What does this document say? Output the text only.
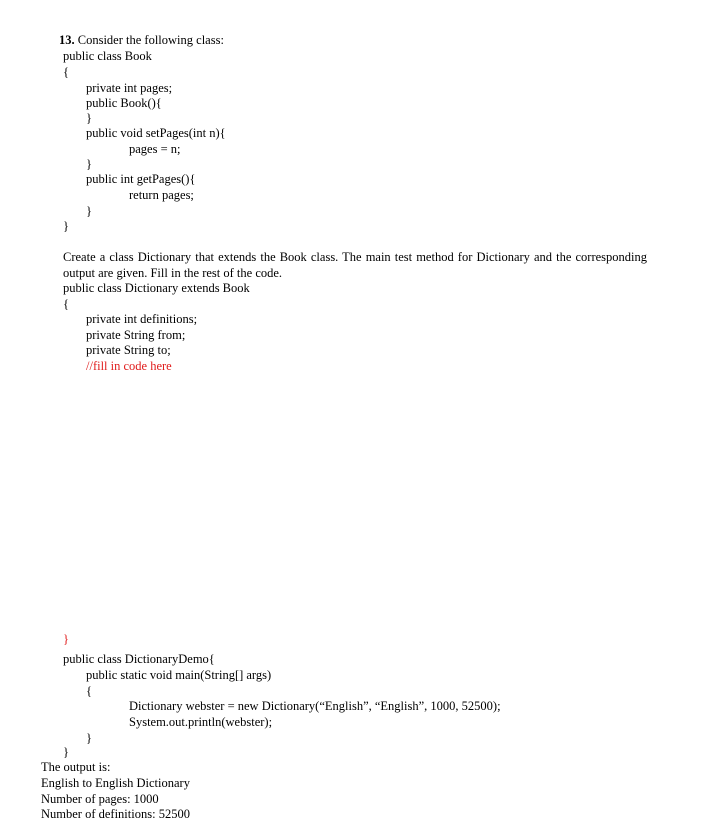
13. Consider the following class:
public class Book
{
private int pages;
public Book(){
}
public void setPages(int n){
pages = n;
}
public int getPages(){
return pages;
}
}
Create a class Dictionary that extends the Book class. The main test method for Dictionary and the corresponding output are given. Fill in the rest of the code.
public class Dictionary extends Book
{
private int definitions;
private String from;
private String to;
//fill in code here
}
public class DictionaryDemo{
public static void main(String[] args)
{
Dictionary webster = new Dictionary(“English”, “English”, 1000, 52500);
System.out.println(webster);
}
}
The output is:
English to English Dictionary
Number of pages: 1000
Number of definitions: 52500
